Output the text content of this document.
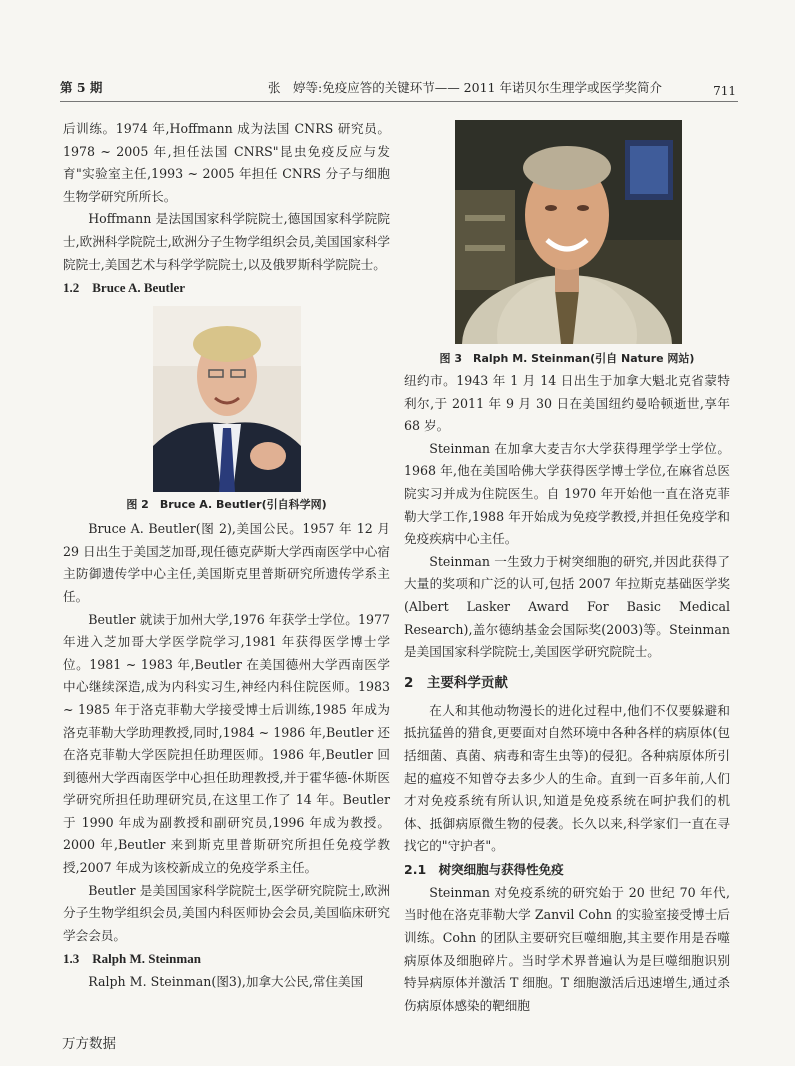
第 5 期	张　婷等:免疫应答的关键环节—— 2011 年诺贝尔生理学或医学奖简介	711

图 3　Ralph M. Steinman(引自 Nature 网站)

后训练。1974 年,Hoffmann 成为法国 CNRS 研究员。1978 ~ 2005 年,担任法国 CNRS"昆虫免疫反应与发育"实验室主任,1993 ~ 2005 年担任 CNRS 分子与细胞生物学研究所所长。

Hoffmann 是法国国家科学院院士,德国国家科学院院士,欧洲科学院院士,欧洲分子生物学组织会员,美国国家科学院院士,美国艺术与科学学院院士,以及俄罗斯科学院院士。

1.2　Bruce A. Beutler

图 2　Bruce A. Beutler(引自科学网)

Bruce A. Beutler(图 2),美国公民。1957 年 12 月 29 日出生于美国芝加哥,现任德克萨斯大学西南医学中心宿主防御遗传学中心主任,美国斯克里普斯研究所遗传学系主任。

Beutler 就读于加州大学,1976 年获学士学位。1977 年进入芝加哥大学医学院学习,1981 年获得医学博士学位。1981 ~ 1983 年,Beutler 在美国德州大学西南医学中心继续深造,成为内科实习生,神经内科住院医师。1983 ~ 1985 年于洛克菲勒大学接受博士后训练,1985 年成为洛克菲勒大学助理教授,同时,1984 ~ 1986 年,Beutler 还在洛克菲勒大学医院担任助理医师。1986 年,Beutler 回到德州大学西南医学中心担任助理教授,并于霍华德-休斯医学研究所担任助理研究员,在这里工作了 14 年。Beutler 于 1990 年成为副教授和副研究员,1996 年成为教授。2000 年,Beutler 来到斯克里普斯研究所担任免疫学教授,2007 年成为该校新成立的免疫学系主任。

Beutler 是美国国家科学院院士,医学研究院院士,欧洲分子生物学组织会员,美国内科医师协会会员,美国临床研究学会会员。

1.3　Ralph M. Steinman

Ralph M. Steinman(图3),加拿大公民,常住美国

纽约市。1943 年 1 月 14 日出生于加拿大魁北克省蒙特利尔,于 2011 年 9 月 30 日在美国纽约曼哈顿逝世,享年 68 岁。

Steinman 在加拿大麦吉尔大学获得理学学士学位。1968 年,他在美国哈佛大学获得医学博士学位,在麻省总医院实习并成为住院医生。自 1970 年开始他一直在洛克菲勒大学工作,1988 年开始成为免疫学教授,并担任免疫学和免疫疾病中心主任。

Steinman 一生致力于树突细胞的研究,并因此获得了大量的奖项和广泛的认可,包括 2007 年拉斯克基础医学奖(Albert Lasker Award For Basic Medical Research),盖尔德纳基金会国际奖(2003)等。Steinman 是美国国家科学院院士,美国医学研究院院士。

2　主要科学贡献

在人和其他动物漫长的进化过程中,他们不仅要躲避和抵抗猛兽的猎食,更要面对自然环境中各种各样的病原体(包括细菌、真菌、病毒和寄生虫等)的侵犯。各种病原体所引起的瘟疫不知曾夺去多少人的生命。直到一百多年前,人们才对免疫系统有所认识,知道是免疫系统在呵护我们的机体、抵御病原微生物的侵袭。长久以来,科学家们一直在寻找它的"守护者"。

2.1　树突细胞与获得性免疫

Steinman 对免疫系统的研究始于 20 世纪 70 年代,当时他在洛克菲勒大学 Zanvil Cohn 的实验室接受博士后训练。Cohn 的团队主要研究巨噬细胞,其主要作用是吞噬病原体及细胞碎片。当时学术界普遍认为是巨噬细胞识别特异病原体并激活 T 细胞。T 细胞激活后迅速增生,通过杀伤病原体感染的靶细胞

万方数据
